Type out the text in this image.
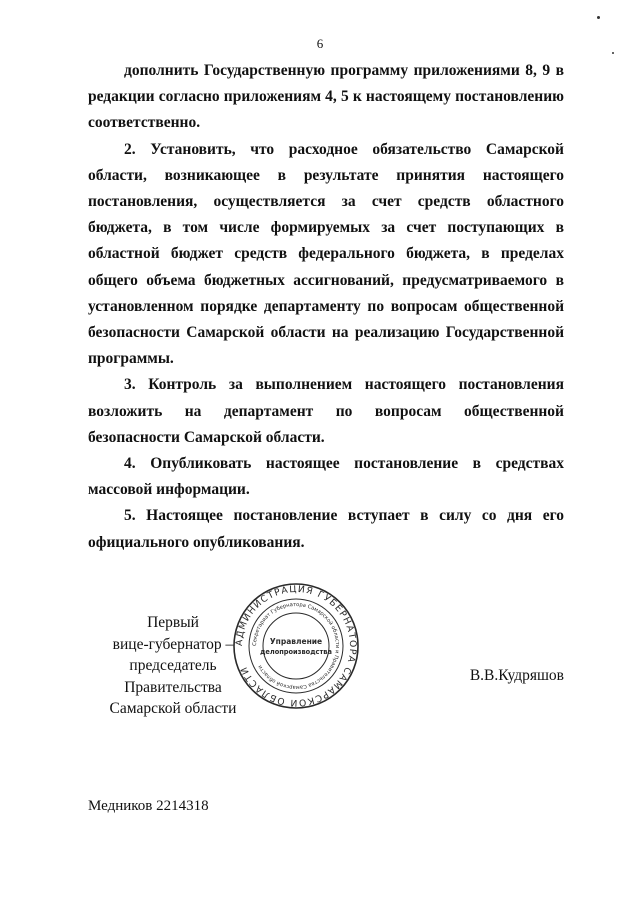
6

дополнить Государственную программу приложениями 8, 9 в редакции согласно приложениям 4, 5 к настоящему постановлению соответственно.

2. Установить, что расходное обязательство Самарской области, возникающее в результате принятия настоящего постановления, осуществляется за счет средств областного бюджета, в том числе формируемых за счет поступающих в областной бюджет средств федерального бюджета, в пределах общего объема бюджетных ассигнований, предусматриваемого в установленном порядке департаменту по вопросам общественной безопасности Самарской области на реализацию Государственной программы.

3. Контроль за выполнением настоящего постановления возложить на департамент по вопросам общественной безопасности Самарской области.

4. Опубликовать настоящее постановление в средствах массовой информации.

5. Настоящее постановление вступает в силу со дня его официального опубликования.

Первый
вице-губернатор –
председатель Правительства
Самарской области
В.В.Кудряшов
АДМИНИСТРАЦИЯ ГУБЕРНАТОРА САМАРСКОЙ ОБЛАСТИ
Секретариат Губернатора Самарской области и Правительства Самарской области
Управление
делопроизводства
Медников 2214318
